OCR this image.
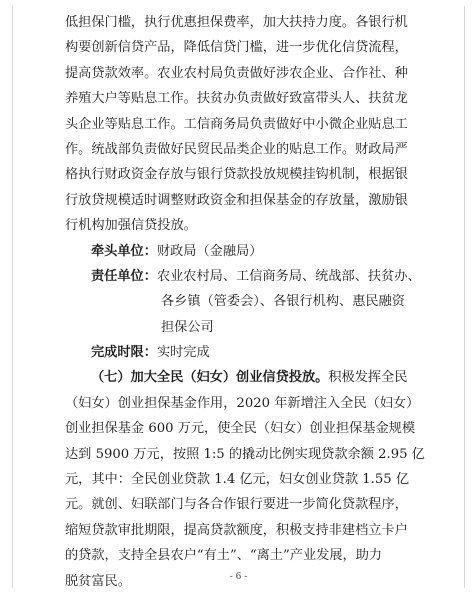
低担保门槛，执行优惠担保费率，加大扶持力度。各银行机
构要创新信贷产品，降低信贷门槛，进一步优化信贷流程，
提高贷款效率。农业农村局负责做好涉农企业、合作社、种
养殖大户等贴息工作。扶贫办负责做好致富带头人、扶贫龙
头企业等贴息工作。工信商务局负责做好中小微企业贴息工
作。统战部负责做好民贸民品类企业的贴息工作。财政局严
格执行财政资金存放与银行贷款投放规模挂钩机制，根据银
行放贷规模适时调整财政资金和担保基金的存放量，激励银
行机构加强信贷投放。
牵头单位：财政局（金融局）
责任单位：农业农村局、工信商务局、统战部、扶贫办、
各乡镇（管委会）、各银行机构、惠民融资
担保公司
完成时限：实时完成
（七）加大全民（妇女）创业信贷投放。积极发挥全民
（妇女）创业担保基金作用，2020 年新增注入全民（妇女）
创业担保基金 600 万元，使全民（妇女）创业担保基金规模
达到 5900 万元，按照 1:5 的撬动比例实现贷款余额 2.95 亿
元，其中：全民创业贷款 1.4 亿元，妇女创业贷款 1.55 亿
元。就创、妇联部门与各合作银行要进一步简化贷款程序，
缩短贷款审批期限，提高贷款额度，积极支持非建档立卡户
的贷款，支持全县农户“有土”、“离土”产业发展，助力
脱贫富民。	- 6 -
